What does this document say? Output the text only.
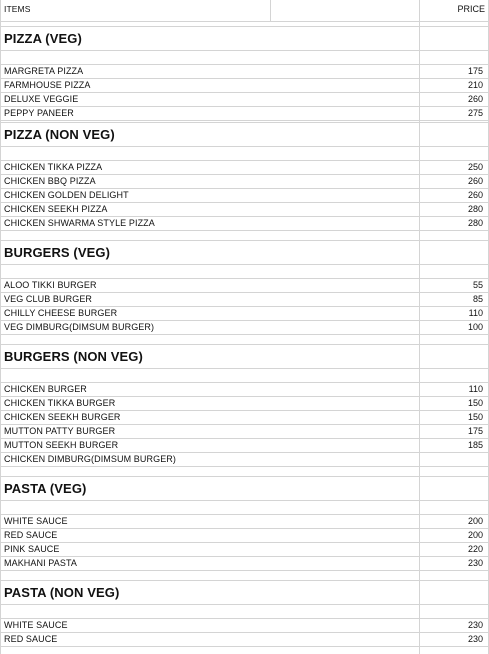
ITEMS	PRICE
PIZZA (VEG)
MARGRETA PIZZA	175
FARMHOUSE PIZZA	210
DELUXE VEGGIE	260
PEPPY PANEER	275
PIZZA (NON VEG)
CHICKEN TIKKA PIZZA	250
CHICKEN BBQ PIZZA	260
CHICKEN GOLDEN DELIGHT	260
CHICKEN SEEKH PIZZA	280
CHICKEN SHWARMA STYLE PIZZA	280
BURGERS (VEG)
ALOO TIKKI BURGER	55
VEG CLUB BURGER	85
CHILLY CHEESE BURGER	110
VEG DIMBURG(DIMSUM BURGER)	100
BURGERS (NON VEG)
CHICKEN BURGER	110
CHICKEN TIKKA BURGER	150
CHICKEN SEEKH BURGER	150
MUTTON PATTY BURGER	175
MUTTON SEEKH BURGER	185
CHICKEN DIMBURG(DIMSUM BURGER)
PASTA (VEG)
WHITE SAUCE	200
RED SAUCE	200
PINK SAUCE	220
MAKHANI PASTA	230
PASTA (NON VEG)
WHITE SAUCE	230
RED SAUCE	230
